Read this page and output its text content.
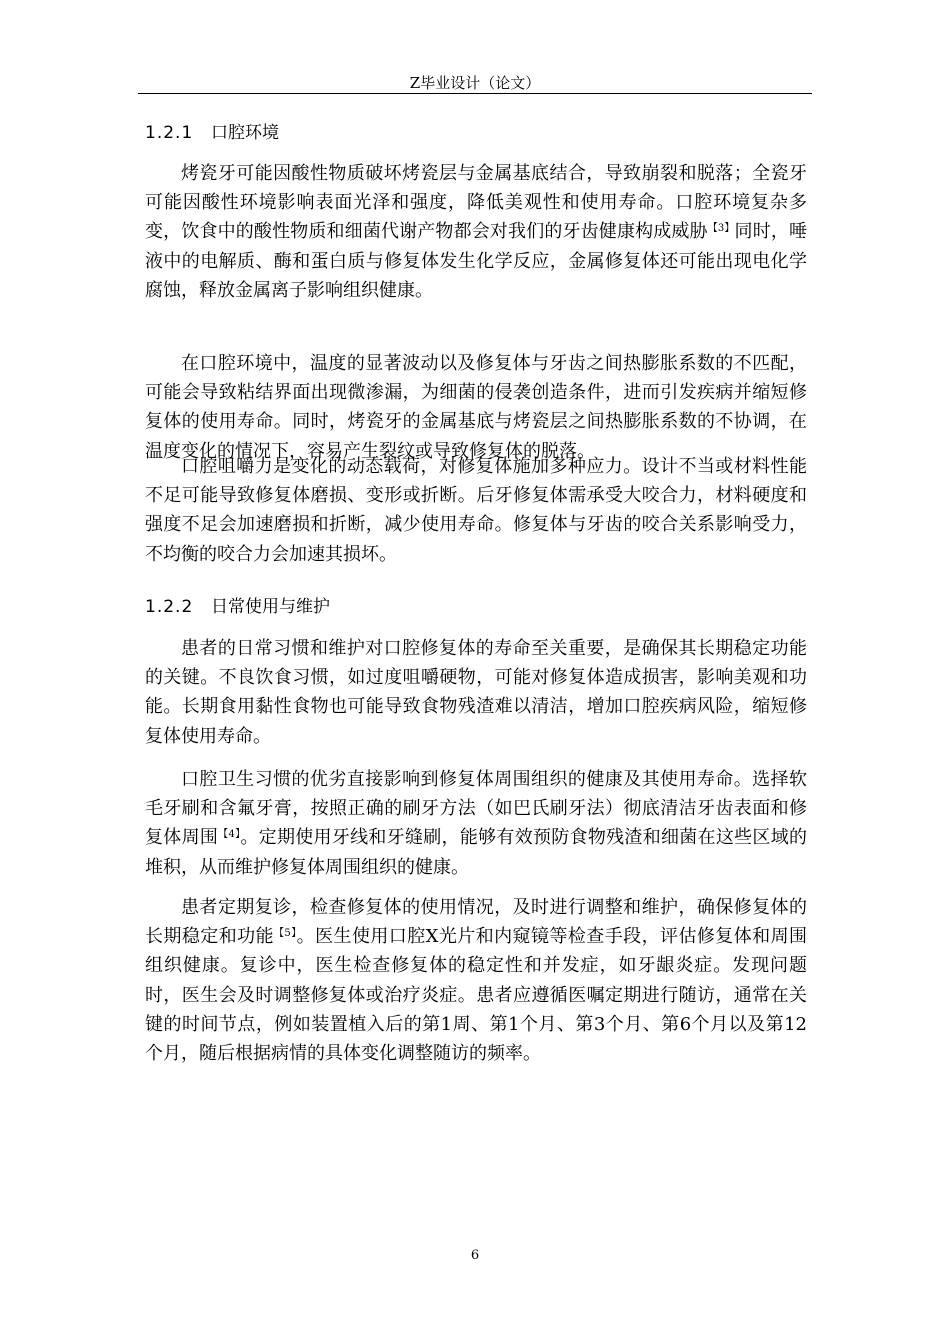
Z毕业设计（论文）
1.2.1 口腔环境

烤瓷牙可能因酸性物质破坏烤瓷层与金属基底结合，导致崩裂和脱落；全瓷牙可能因酸性环境影响表面光泽和强度，降低美观性和使用寿命。口腔环境复杂多变，饮食中的酸性物质和细菌代谢产物都会对我们的牙齿健康构成威胁$^{【3】}$同时，唾液中的电解质、酶和蛋白质与修复体发生化学反应，金属修复体还可能出现电化学腐蚀，释放金属离子影响组织健康。

在口腔环境中，温度的显著波动以及修复体与牙齿之间热膨胀系数的不匹配，可能会导致粘结界面出现微渗漏，为细菌的侵袭创造条件，进而引发疾病并缩短修复体的使用寿命。同时，烤瓷牙的金属基底与烤瓷层之间热膨胀系数的不协调，在温度变化的情况下，容易产生裂纹或导致修复体的脱落。

口腔咀嚼力是变化的动态载荷，对修复体施加多种应力。设计不当或材料性能不足可能导致修复体磨损、变形或折断。后牙修复体需承受大咬合力，材料硬度和强度不足会加速磨损和折断，减少使用寿命。修复体与牙齿的咬合关系影响受力，不均衡的咬合力会加速其损坏。

1.2.2 日常使用与维护

患者的日常习惯和维护对口腔修复体的寿命至关重要，是确保其长期稳定功能的关键。不良饮食习惯，如过度咀嚼硬物，可能对修复体造成损害，影响美观和功能。长期食用黏性食物也可能导致食物残渣难以清洁，增加口腔疾病风险，缩短修复体使用寿命。

口腔卫生习惯的优劣直接影响到修复体周围组织的健康及其使用寿命。选择软毛牙刷和含氟牙膏，按照正确的刷牙方法（如巴氏刷牙法）彻底清洁牙齿表面和修复体周围$^{【4】}$。定期使用牙线和牙缝刷，能够有效预防食物残渣和细菌在这些区域的堆积，从而维护修复体周围组织的健康。

患者定期复诊，检查修复体的使用情况，及时进行调整和维护，确保修复体的长期稳定和功能$^{【5】}$。医生使用口腔X光片和内窥镜等检查手段，评估修复体和周围组织健康。复诊中，医生检查修复体的稳定性和并发症，如牙龈炎症。发现问题时，医生会及时调整修复体或治疗炎症。患者应遵循医嘱定期进行随访，通常在关键的时间节点，例如装置植入后的第1周、第1个月、第3个月、第6个月以及第12个月，随后根据病情的具体变化调整随访的频率。

6
